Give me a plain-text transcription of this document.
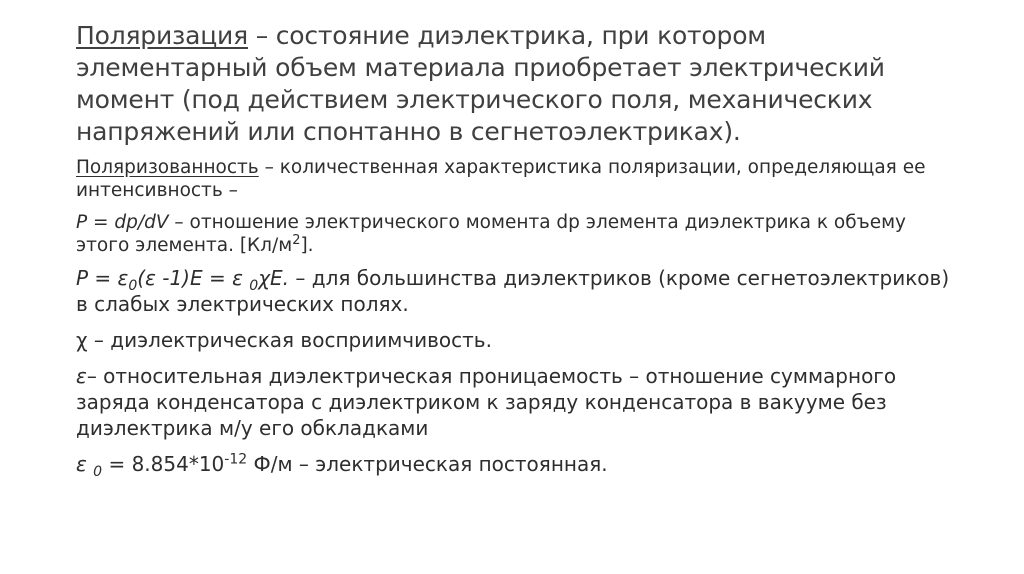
Поляризация – состояние диэлектрика, при котором элементарный объем материала приобретает электрический момент (под действием электрического поля, механических напряжений или спонтанно в сегнетоэлектриках).

Поляризованность – количественная характеристика поляризации, определяющая ее интенсивность –

P = dp/dV – отношение электрического момента dp элемента диэлектрика к объему этого элемента. $[Кл/м^2]$.

$P = \varepsilon_0(\varepsilon$ -1)E = ε $_0$χE. – для большинства диэлектриков (кроме сегнетоэлектриков) в слабых электрических полях.

χ – диэлектрическая восприимчивость.

ε– относительная диэлектрическая проницаемость – отношение суммарного заряда конденсатора с диэлектриком к заряду конденсатора в вакууме без диэлектрика м/у его обкладками

ε $_0 = 8.854*10^{-12}$ Ф/м – электрическая постоянная.
